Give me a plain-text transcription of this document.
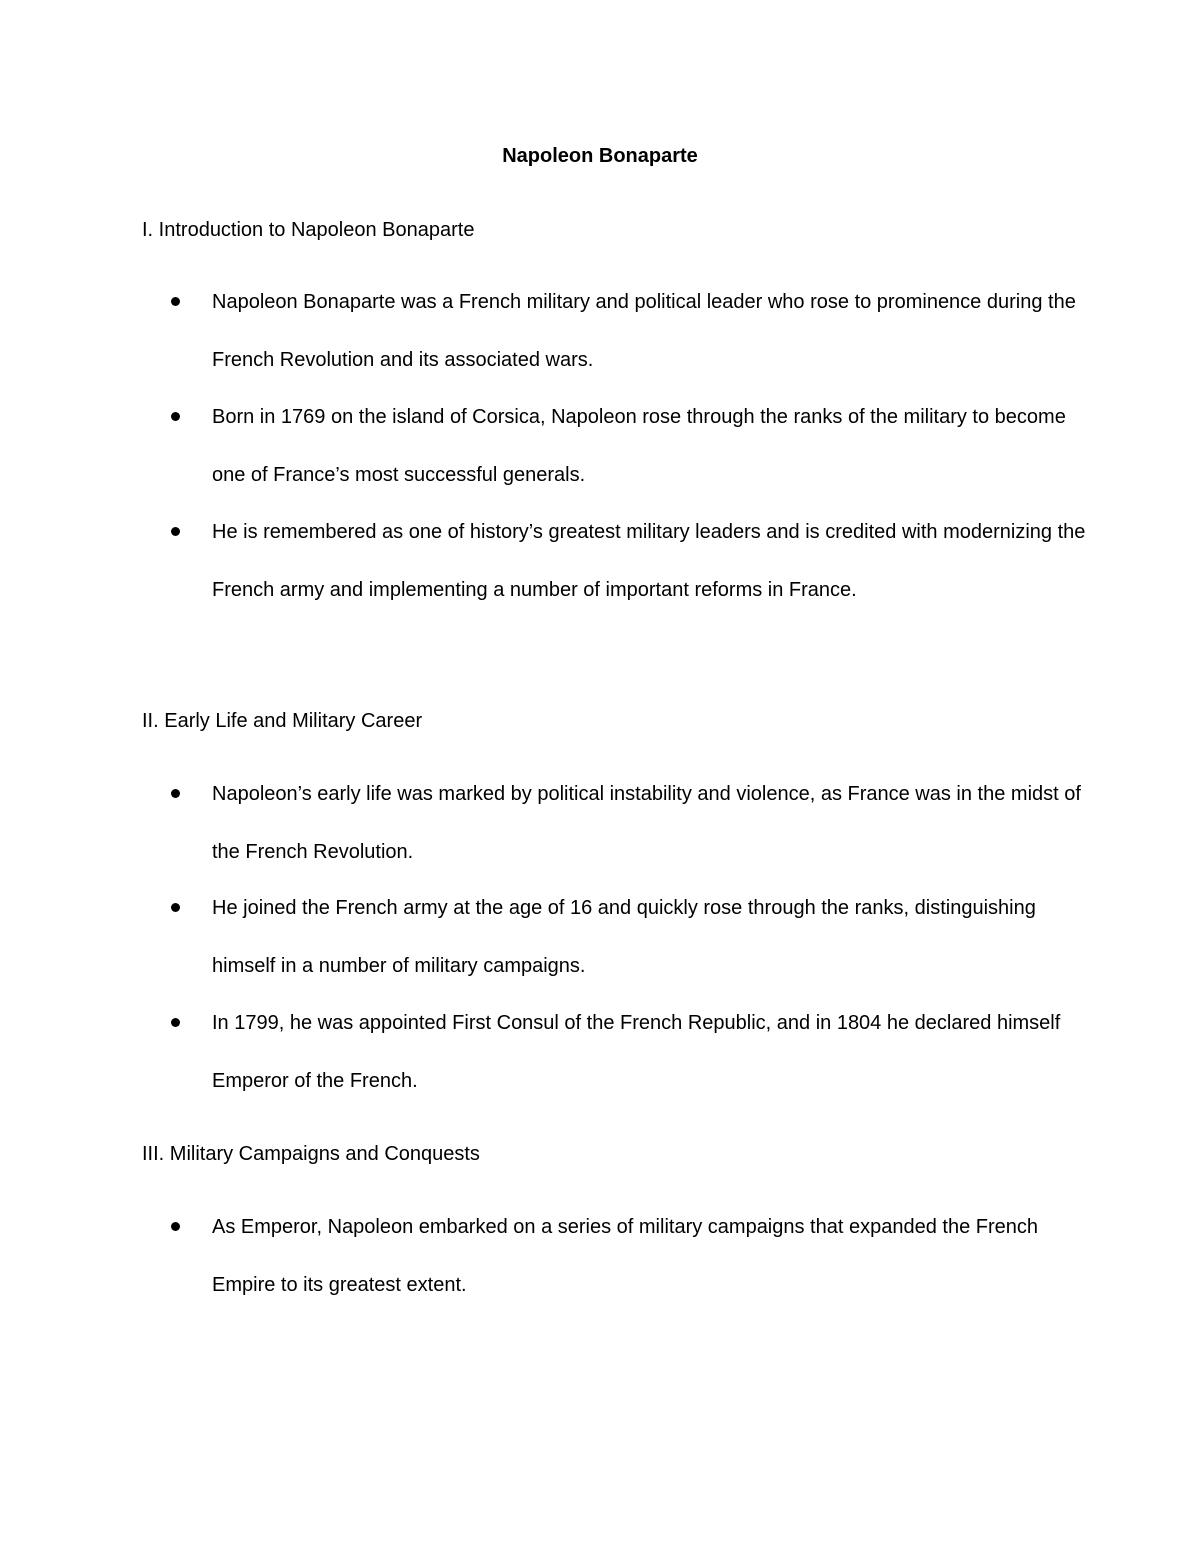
Napoleon Bonaparte
I. Introduction to Napoleon Bonaparte
Napoleon Bonaparte was a French military and political leader who rose to prominence during the French Revolution and its associated wars.
Born in 1769 on the island of Corsica, Napoleon rose through the ranks of the military to become one of France’s most successful generals.
He is remembered as one of history’s greatest military leaders and is credited with modernizing the French army and implementing a number of important reforms in France.
II. Early Life and Military Career
Napoleon’s early life was marked by political instability and violence, as France was in the midst of the French Revolution.
He joined the French army at the age of 16 and quickly rose through the ranks, distinguishing himself in a number of military campaigns.
In 1799, he was appointed First Consul of the French Republic, and in 1804 he declared himself Emperor of the French.
III. Military Campaigns and Conquests
As Emperor, Napoleon embarked on a series of military campaigns that expanded the French Empire to its greatest extent.
